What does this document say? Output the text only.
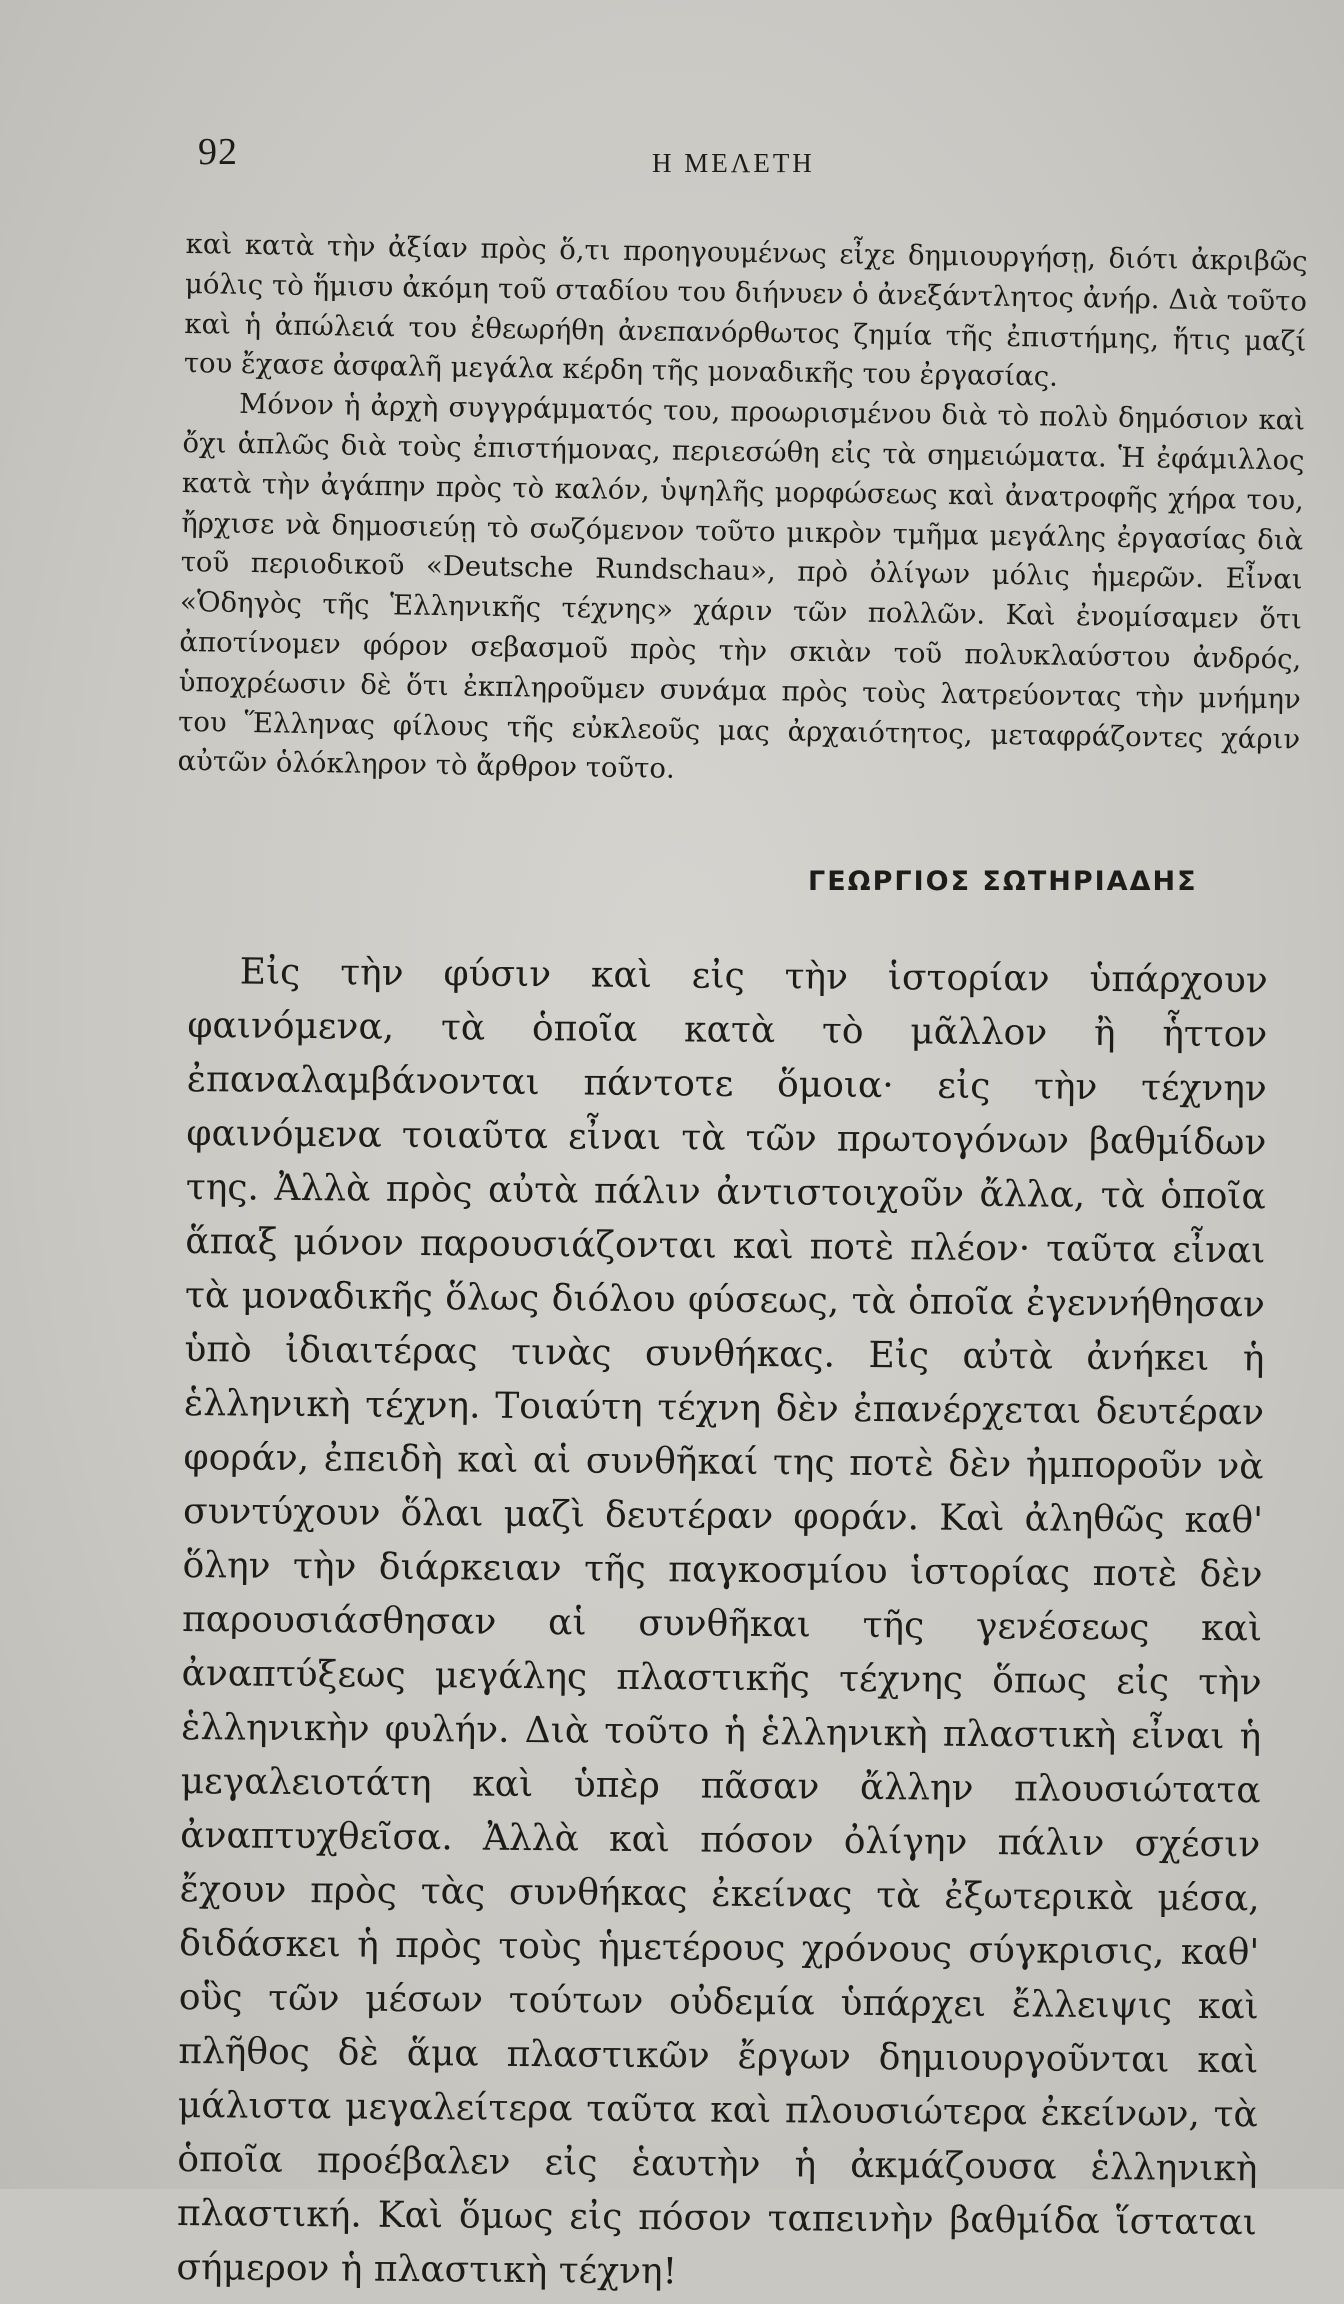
92	Η ΜΕΛΕΤΗ

καὶ κατὰ τὴν ἀξίαν πρὸς ὅ,τι προηγουμένως εἶχε δημιουργήσῃ, διότι ἀκριβῶς μόλις τὸ ἥμισυ ἀκόμη τοῦ σταδίου του διήνυεν ὁ ἀνεξάντλητος ἀνήρ. Διὰ τοῦτο καὶ ἡ ἀπώλειά του ἐθεωρήθη ἀνεπανόρθωτος ζημία τῆς ἐπιστήμης, ἥτις μαζί του ἔχασε ἀσφαλῆ μεγάλα κέρδη τῆς μοναδικῆς του ἐργασίας.

Μόνον ἡ ἀρχὴ συγγράμματός του, προωρισμένου διὰ τὸ πολὺ δημόσιον καὶ ὄχι ἁπλῶς διὰ τοὺς ἐπιστήμονας, περιεσώθη εἰς τὰ σημειώματα. Ἡ ἐφάμιλλος κατὰ τὴν ἀγάπην πρὸς τὸ καλόν, ὑψηλῆς μορφώσεως καὶ ἀνατροφῆς χήρα του, ἤρχισε νὰ δημοσιεύῃ τὸ σωζόμενον τοῦτο μικρὸν τμῆμα μεγάλης ἐργασίας διὰ τοῦ περιοδικοῦ «Deutsche Rundschau», πρὸ ὀλίγων μόλις ἡμερῶν. Εἶναι «Ὁδηγὸς τῆς Ἑλληνικῆς τέχνης» χάριν τῶν πολλῶν. Καὶ ἐνομίσαμεν ὅτι ἀποτίνομεν φόρον σεβασμοῦ πρὸς τὴν σκιὰν τοῦ πολυκλαύστου ἀνδρός, ὑποχρέωσιν δὲ ὅτι ἐκπληροῦμεν συνάμα πρὸς τοὺς λατρεύοντας τὴν μνήμην του Ἕλληνας φίλους τῆς εὐκλεοῦς μας ἀρχαιότητος, μεταφράζοντες χάριν αὐτῶν ὁλόκληρον τὸ ἄρθρον τοῦτο.

ΓΕΩΡΓΙΟΣ ΣΩΤΗΡΙΑΔΗΣ

Εἰς τὴν φύσιν καὶ εἰς τὴν ἱστορίαν ὑπάρχουν φαινόμενα, τὰ ὁποῖα κατὰ τὸ μᾶλλον ἢ ἧττον ἐπαναλαμβάνονται πάντοτε ὅμοια· εἰς τὴν τέχνην φαινόμενα τοιαῦτα εἶναι τὰ τῶν πρωτογόνων βαθμίδων της. Ἀλλὰ πρὸς αὐτὰ πάλιν ἀντιστοιχοῦν ἄλλα, τὰ ὁποῖα ἅπαξ μόνον παρουσιάζονται καὶ ποτὲ πλέον· ταῦτα εἶναι τὰ μοναδικῆς ὅλως διόλου φύσεως, τὰ ὁποῖα ἐγεννήθησαν ὑπὸ ἰδιαιτέρας τινὰς συνθήκας. Εἰς αὐτὰ ἀνήκει ἡ ἑλληνικὴ τέχνη. Τοιαύτη τέχνη δὲν ἐπανέρχεται δευτέραν φοράν, ἐπειδὴ καὶ αἱ συνθῆκαί της ποτὲ δὲν ἠμποροῦν νὰ συντύχουν ὅλαι μαζὶ δευτέραν φοράν. Καὶ ἀληθῶς καθ' ὅλην τὴν διάρκειαν τῆς παγκοσμίου ἱστορίας ποτὲ δὲν παρουσιάσθησαν αἱ συνθῆκαι τῆς γενέσεως καὶ ἀναπτύξεως μεγάλης πλαστικῆς τέχνης ὅπως εἰς τὴν ἑλληνικὴν φυλήν. Διὰ τοῦτο ἡ ἑλληνικὴ πλαστικὴ εἶναι ἡ μεγαλειοτάτη καὶ ὑπὲρ πᾶσαν ἄλλην πλουσιώτατα ἀναπτυχθεῖσα. Ἀλλὰ καὶ πόσον ὀλίγην πάλιν σχέσιν ἔχουν πρὸς τὰς συνθήκας ἐκείνας τὰ ἐξωτερικὰ μέσα, διδάσκει ἡ πρὸς τοὺς ἡμετέρους χρόνους σύγκρισις, καθ' οὓς τῶν μέσων τούτων οὐδεμία ὑπάρχει ἔλλειψις καὶ πλῆθος δὲ ἅμα πλαστικῶν ἔργων δημιουργοῦνται καὶ μάλιστα μεγαλείτερα ταῦτα καὶ πλουσιώτερα ἐκείνων, τὰ ὁποῖα προέβαλεν εἰς ἑαυτὴν ἡ ἀκμάζουσα ἑλληνικὴ πλαστική. Καὶ ὅμως εἰς πόσον ταπεινὴν βαθμίδα ἵσταται σήμερον ἡ πλαστικὴ τέχνη!
